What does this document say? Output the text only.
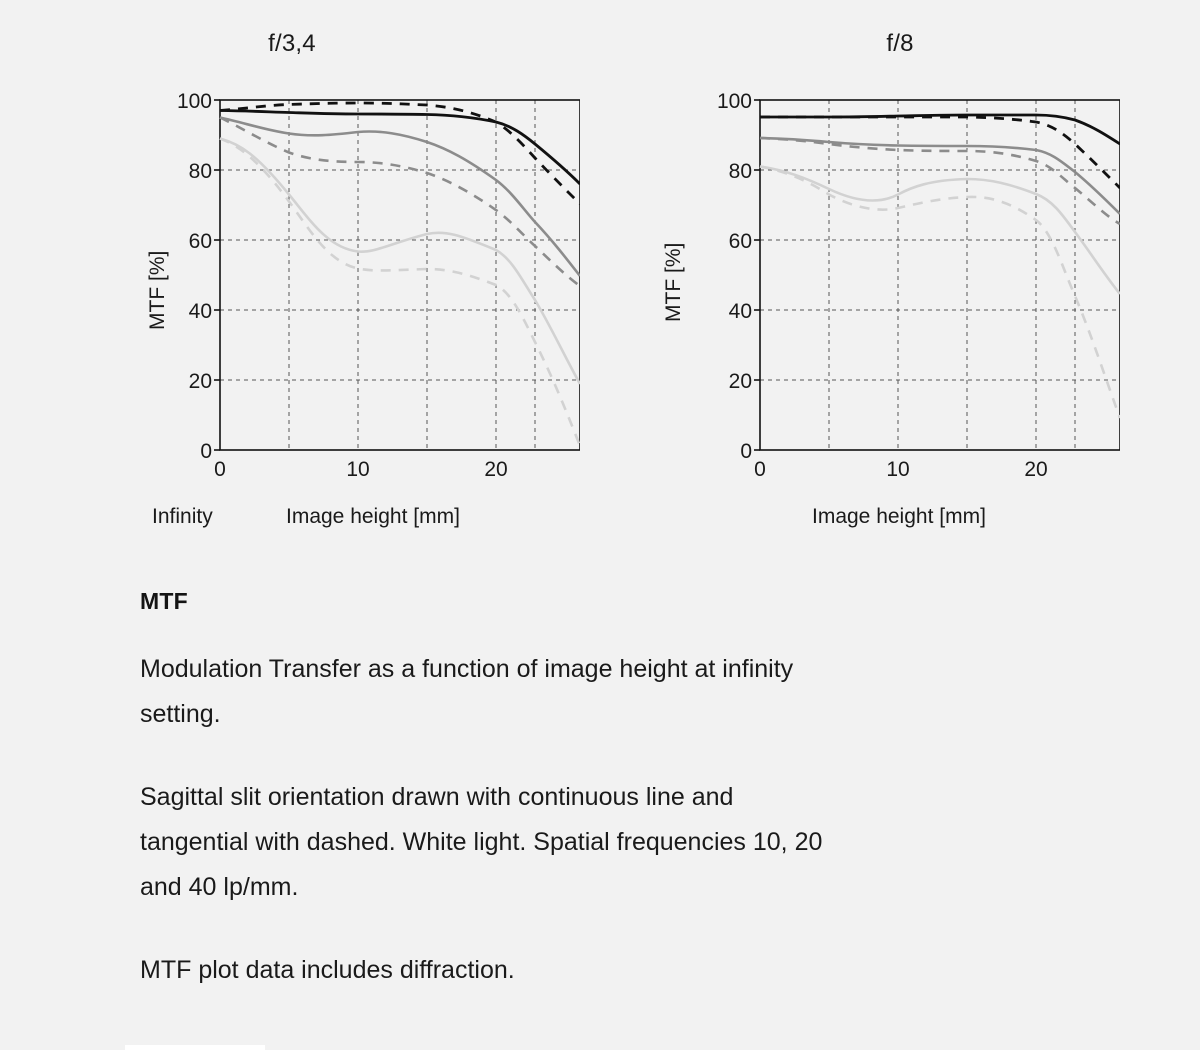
f/3,4
MTF [%]
100
80
60
40
20
0
0	10	20
Infinity	Image height [mm]
f/8
MTF [%]
100
80
60
40
20
0
0	10	20
Image height [mm]
MTF

Modulation Transfer as a function of image height at infinity setting.

Sagittal slit orientation drawn with continuous line and tangential with dashed. White light. Spatial frequencies 10, 20 and 40 lp/mm.

MTF plot data includes diffraction.
